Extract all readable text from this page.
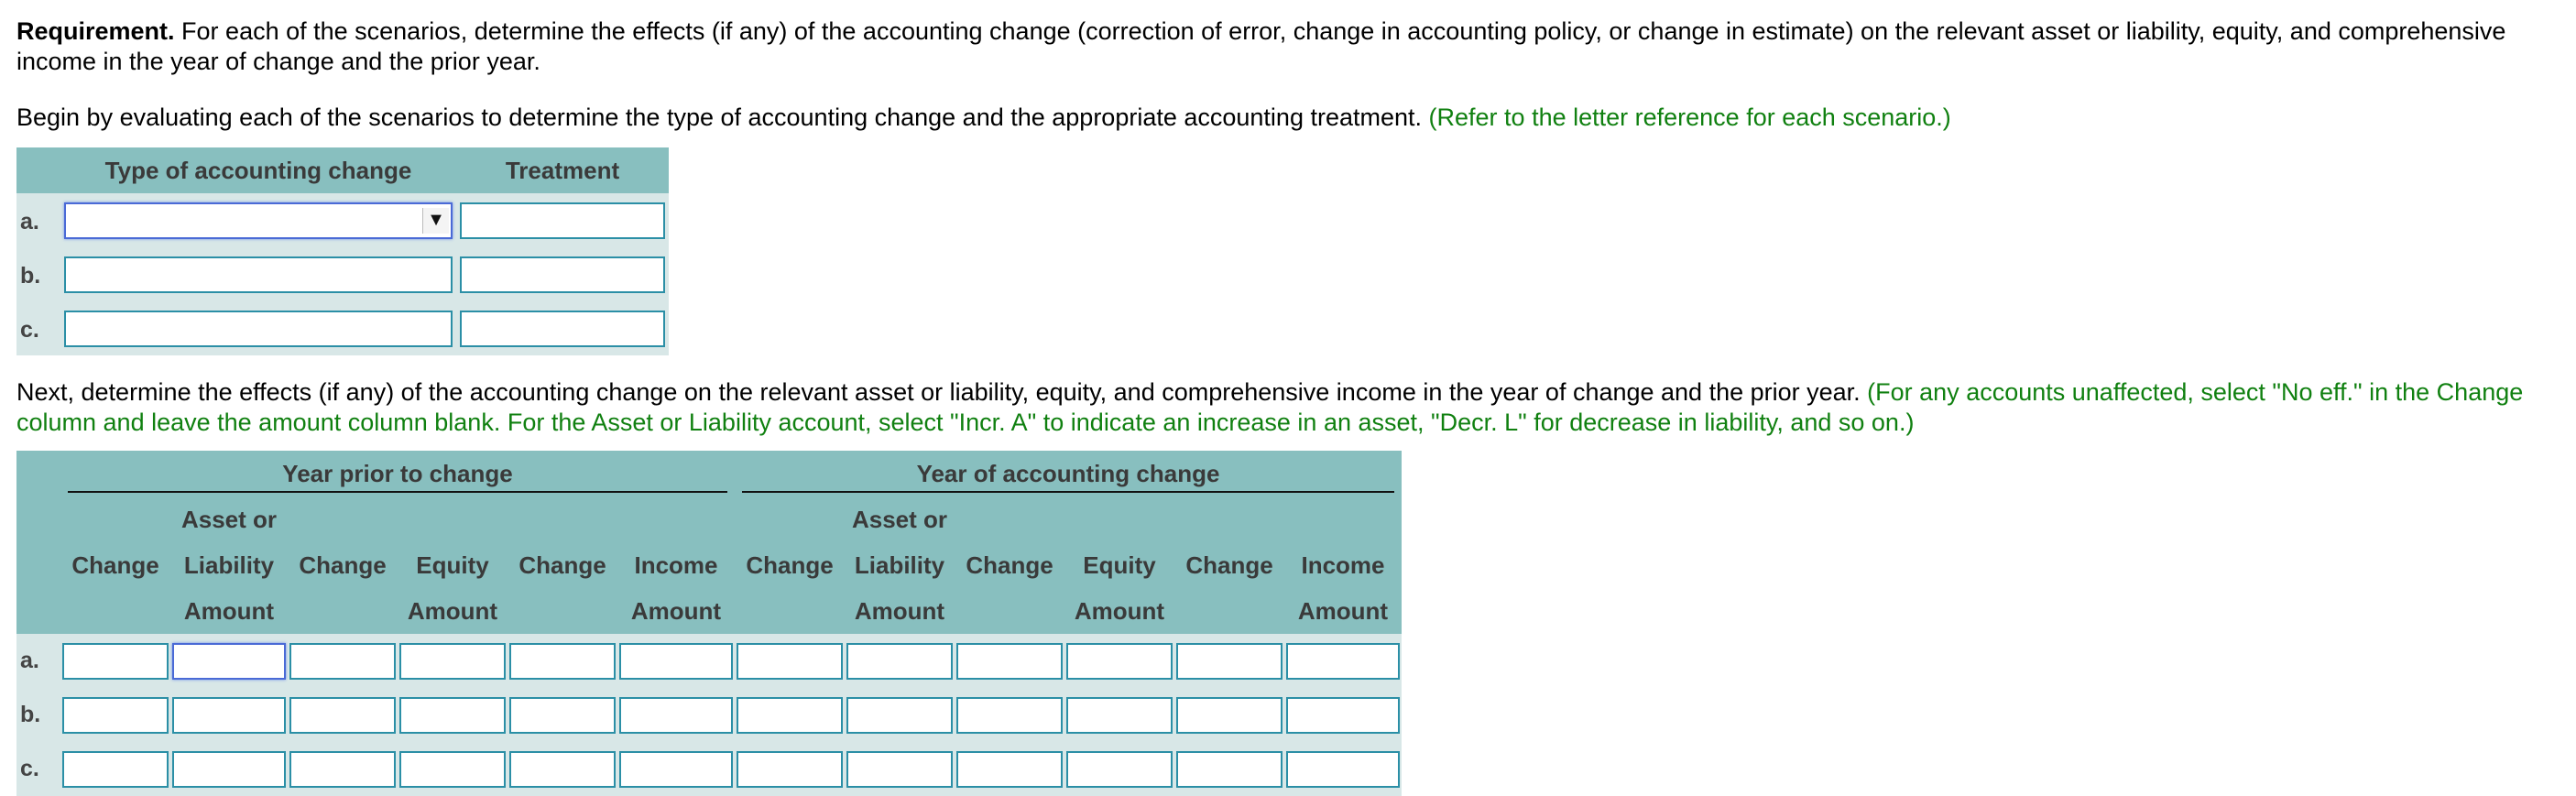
Requirement. For each of the scenarios, determine the effects (if any) of the accounting change (correction of error, change in accounting policy, or change in estimate) on the relevant asset or liability, equity, and comprehensive income in the year of change and the prior year.

Begin by evaluating each of the scenarios to determine the type of accounting change and the appropriate accounting treatment. (Refer to the letter reference for each scenario.)

	Type of accounting change	Treatment
a.	▼	

b.	

c.	

Next, determine the effects (if any) of the accounting change on the relevant asset or liability, equity, and comprehensive income in the year of change and the prior year. (For any accounts unaffected, select "No eff." in the Change column and leave the amount column blank. For the Asset or Liability account, select "Incr. A" to indicate an increase in an asset, "Decr. L" for decrease in liability, and so on.)

	Year prior to change						Year of accounting change					

		Asset or						Asset or				
	Change	Liability	Change	Equity	Change	Income	Change	Liability	Change	Equity	Change	Income
		Amount		Amount		Amount		Amount		Amount		Amount
a.	

b.	

c.	
